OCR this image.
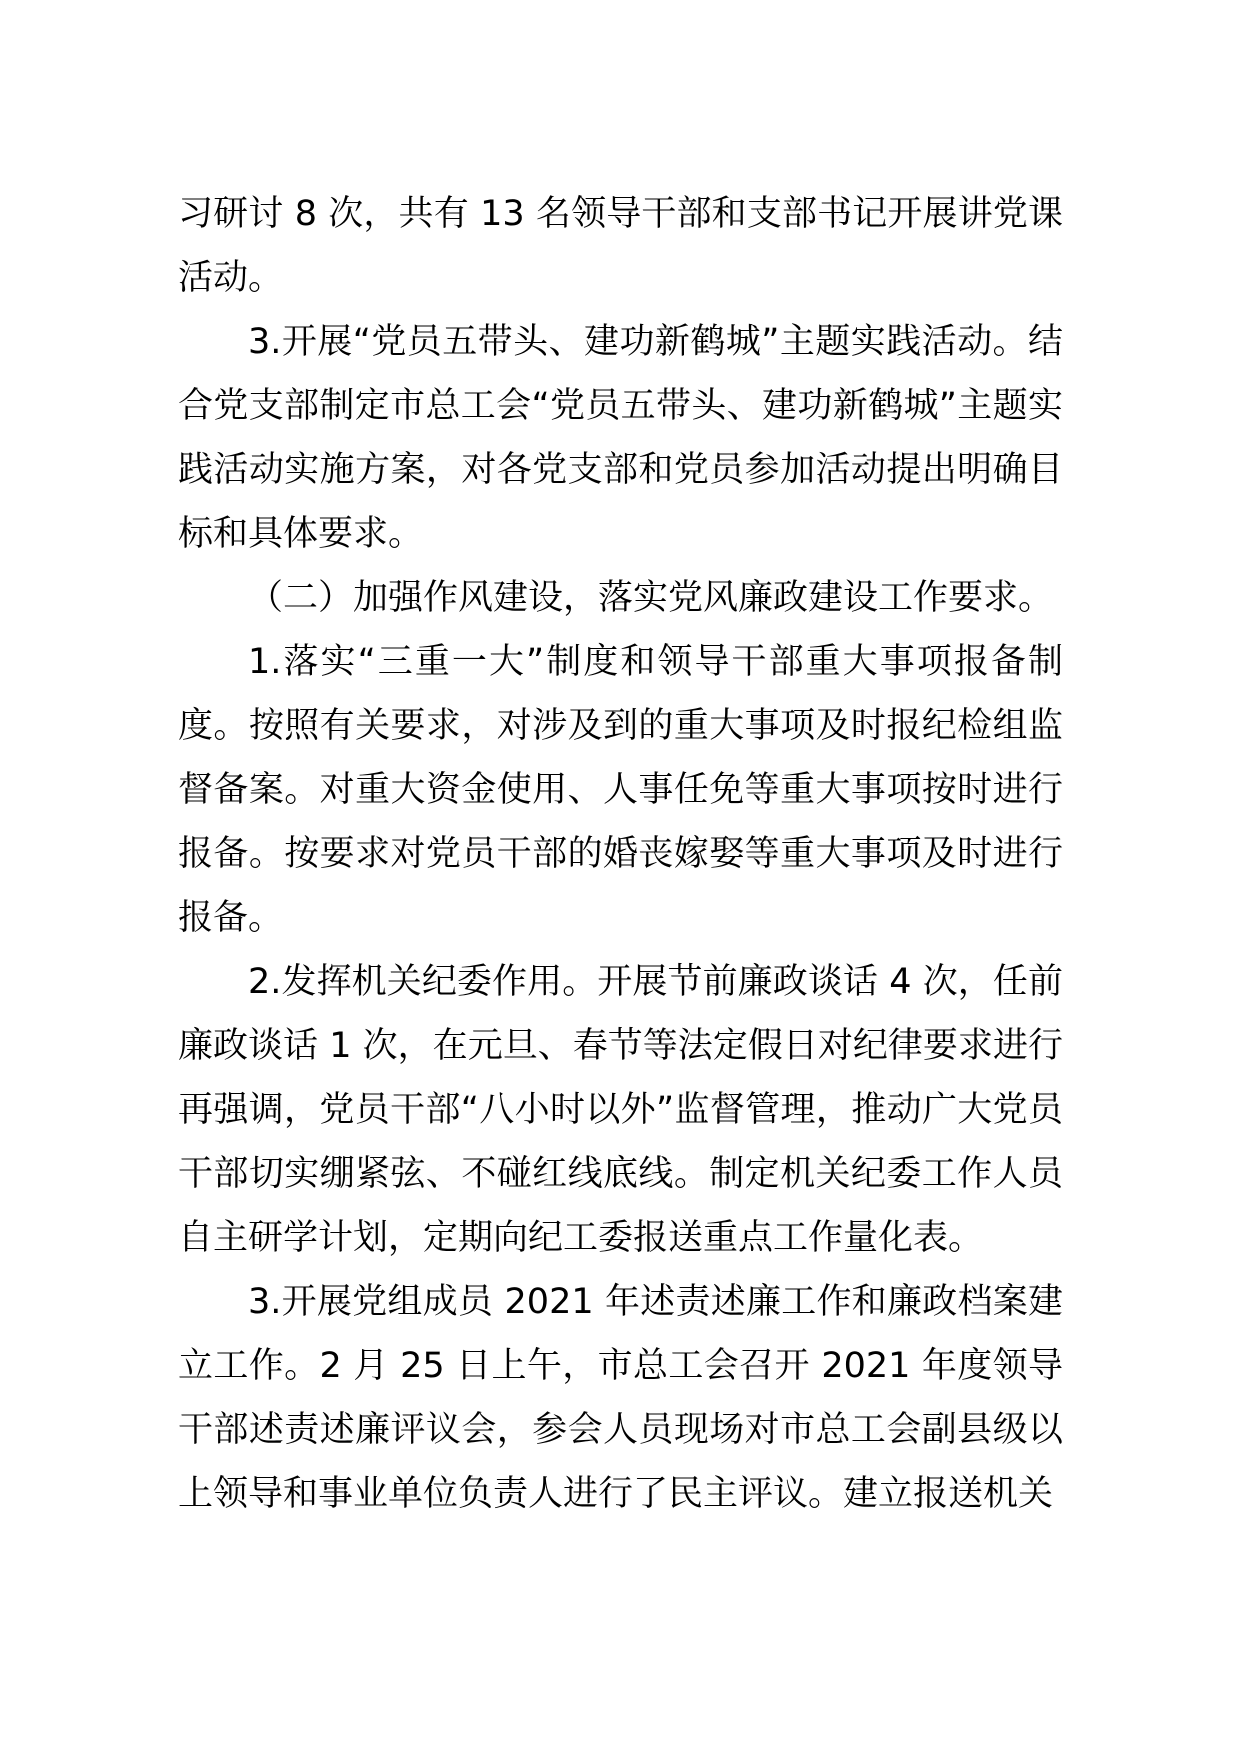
习研讨 8 次，共有 13 名领导干部和支部书记开展讲党课活动。

3.开展“党员五带头、建功新鹤城”主题实践活动。结合党支部制定市总工会“党员五带头、建功新鹤城”主题实践活动实施方案，对各党支部和党员参加活动提出明确目标和具体要求。

（二）加强作风建设，落实党风廉政建设工作要求。

1.落实“三重一大”制度和领导干部重大事项报备制度。按照有关要求，对涉及到的重大事项及时报纪检组监督备案。对重大资金使用、人事任免等重大事项按时进行报备。按要求对党员干部的婚丧嫁娶等重大事项及时进行报备。

2.发挥机关纪委作用。开展节前廉政谈话 4 次，任前廉政谈话 1 次，在元旦、春节等法定假日对纪律要求进行再强调，党员干部“八小时以外”监督管理，推动广大党员干部切实绷紧弦、不碰红线底线。制定机关纪委工作人员自主研学计划，定期向纪工委报送重点工作量化表。

3.开展党组成员 2021 年述责述廉工作和廉政档案建立工作。2 月 25 日上午，市总工会召开 2021 年度领导干部述责述廉评议会，参会人员现场对市总工会副县级以上领导和事业单位负责人进行了民主评议。建立报送机关
